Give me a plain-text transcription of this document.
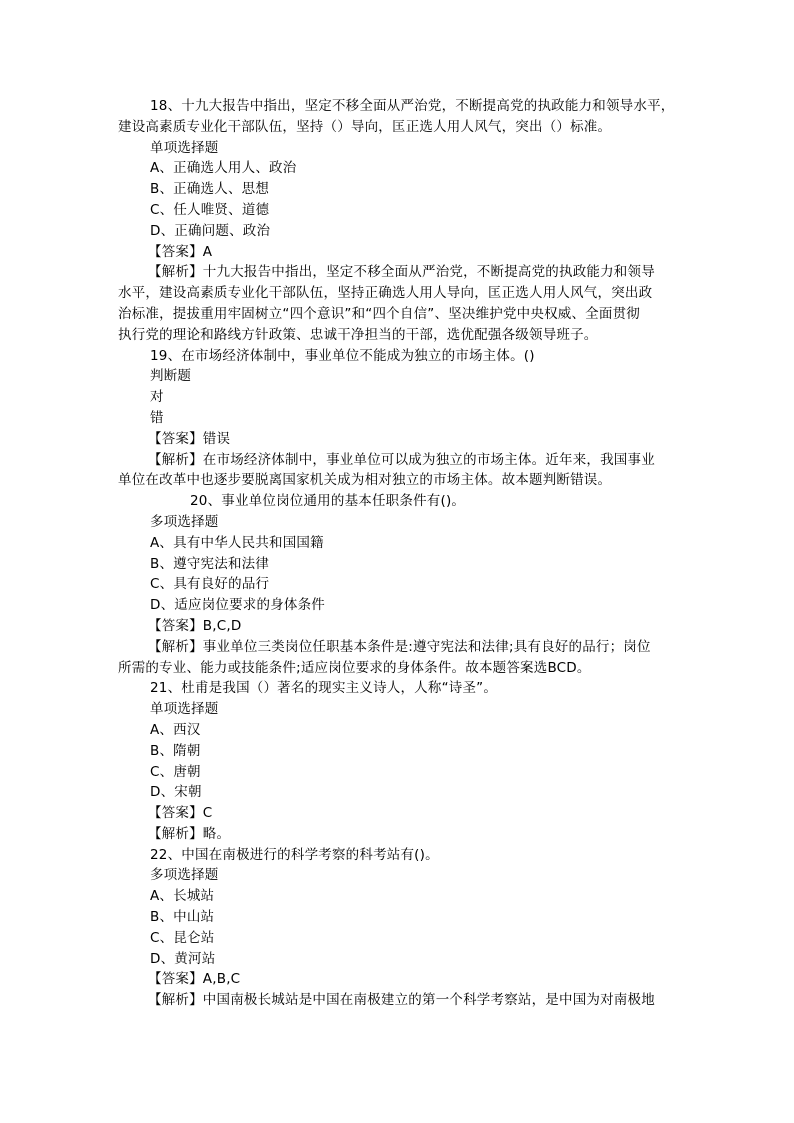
18、十九大报告中指出，坚定不移全面从严治党，不断提高党的执政能力和领导水平，
建设高素质专业化干部队伍，坚持（）导向，匡正选人用人风气，突出（）标准。
单项选择题
A、正确选人用人、政治
B、正确选人、思想
C、任人唯贤、道德
D、正确问题、政治
【答案】A
【解析】十九大报告中指出，坚定不移全面从严治党，不断提高党的执政能力和领导
水平，建设高素质专业化干部队伍，坚持正确选人用人导向，匡正选人用人风气，突出政
治标准，提拔重用牢固树立“四个意识”和“四个自信”、坚决维护党中央权威、全面贯彻
执行党的理论和路线方针政策、忠诚干净担当的干部，选优配强各级领导班子。
19、在市场经济体制中，事业单位不能成为独立的市场主体。()
判断题
对
错
【答案】错误
【解析】在市场经济体制中，事业单位可以成为独立的市场主体。近年来，我国事业
单位在改革中也逐步要脱离国家机关成为相对独立的市场主体。故本题判断错误。
20、事业单位岗位通用的基本任职条件有()。
多项选择题
A、具有中华人民共和国国籍
B、遵守宪法和法律
C、具有良好的品行
D、适应岗位要求的身体条件
【答案】B,C,D
【解析】事业单位三类岗位任职基本条件是:遵守宪法和法律;具有良好的品行；岗位
所需的专业、能力或技能条件;适应岗位要求的身体条件。故本题答案选BCD。
21、杜甫是我国（）著名的现实主义诗人，人称“诗圣”。
单项选择题
A、西汉
B、隋朝
C、唐朝
D、宋朝
【答案】C
【解析】略。
22、中国在南极进行的科学考察的科考站有()。
多项选择题
A、长城站
B、中山站
C、昆仑站
D、黄河站
【答案】A,B,C
【解析】中国南极长城站是中国在南极建立的第一个科学考察站，是中国为对南极地
